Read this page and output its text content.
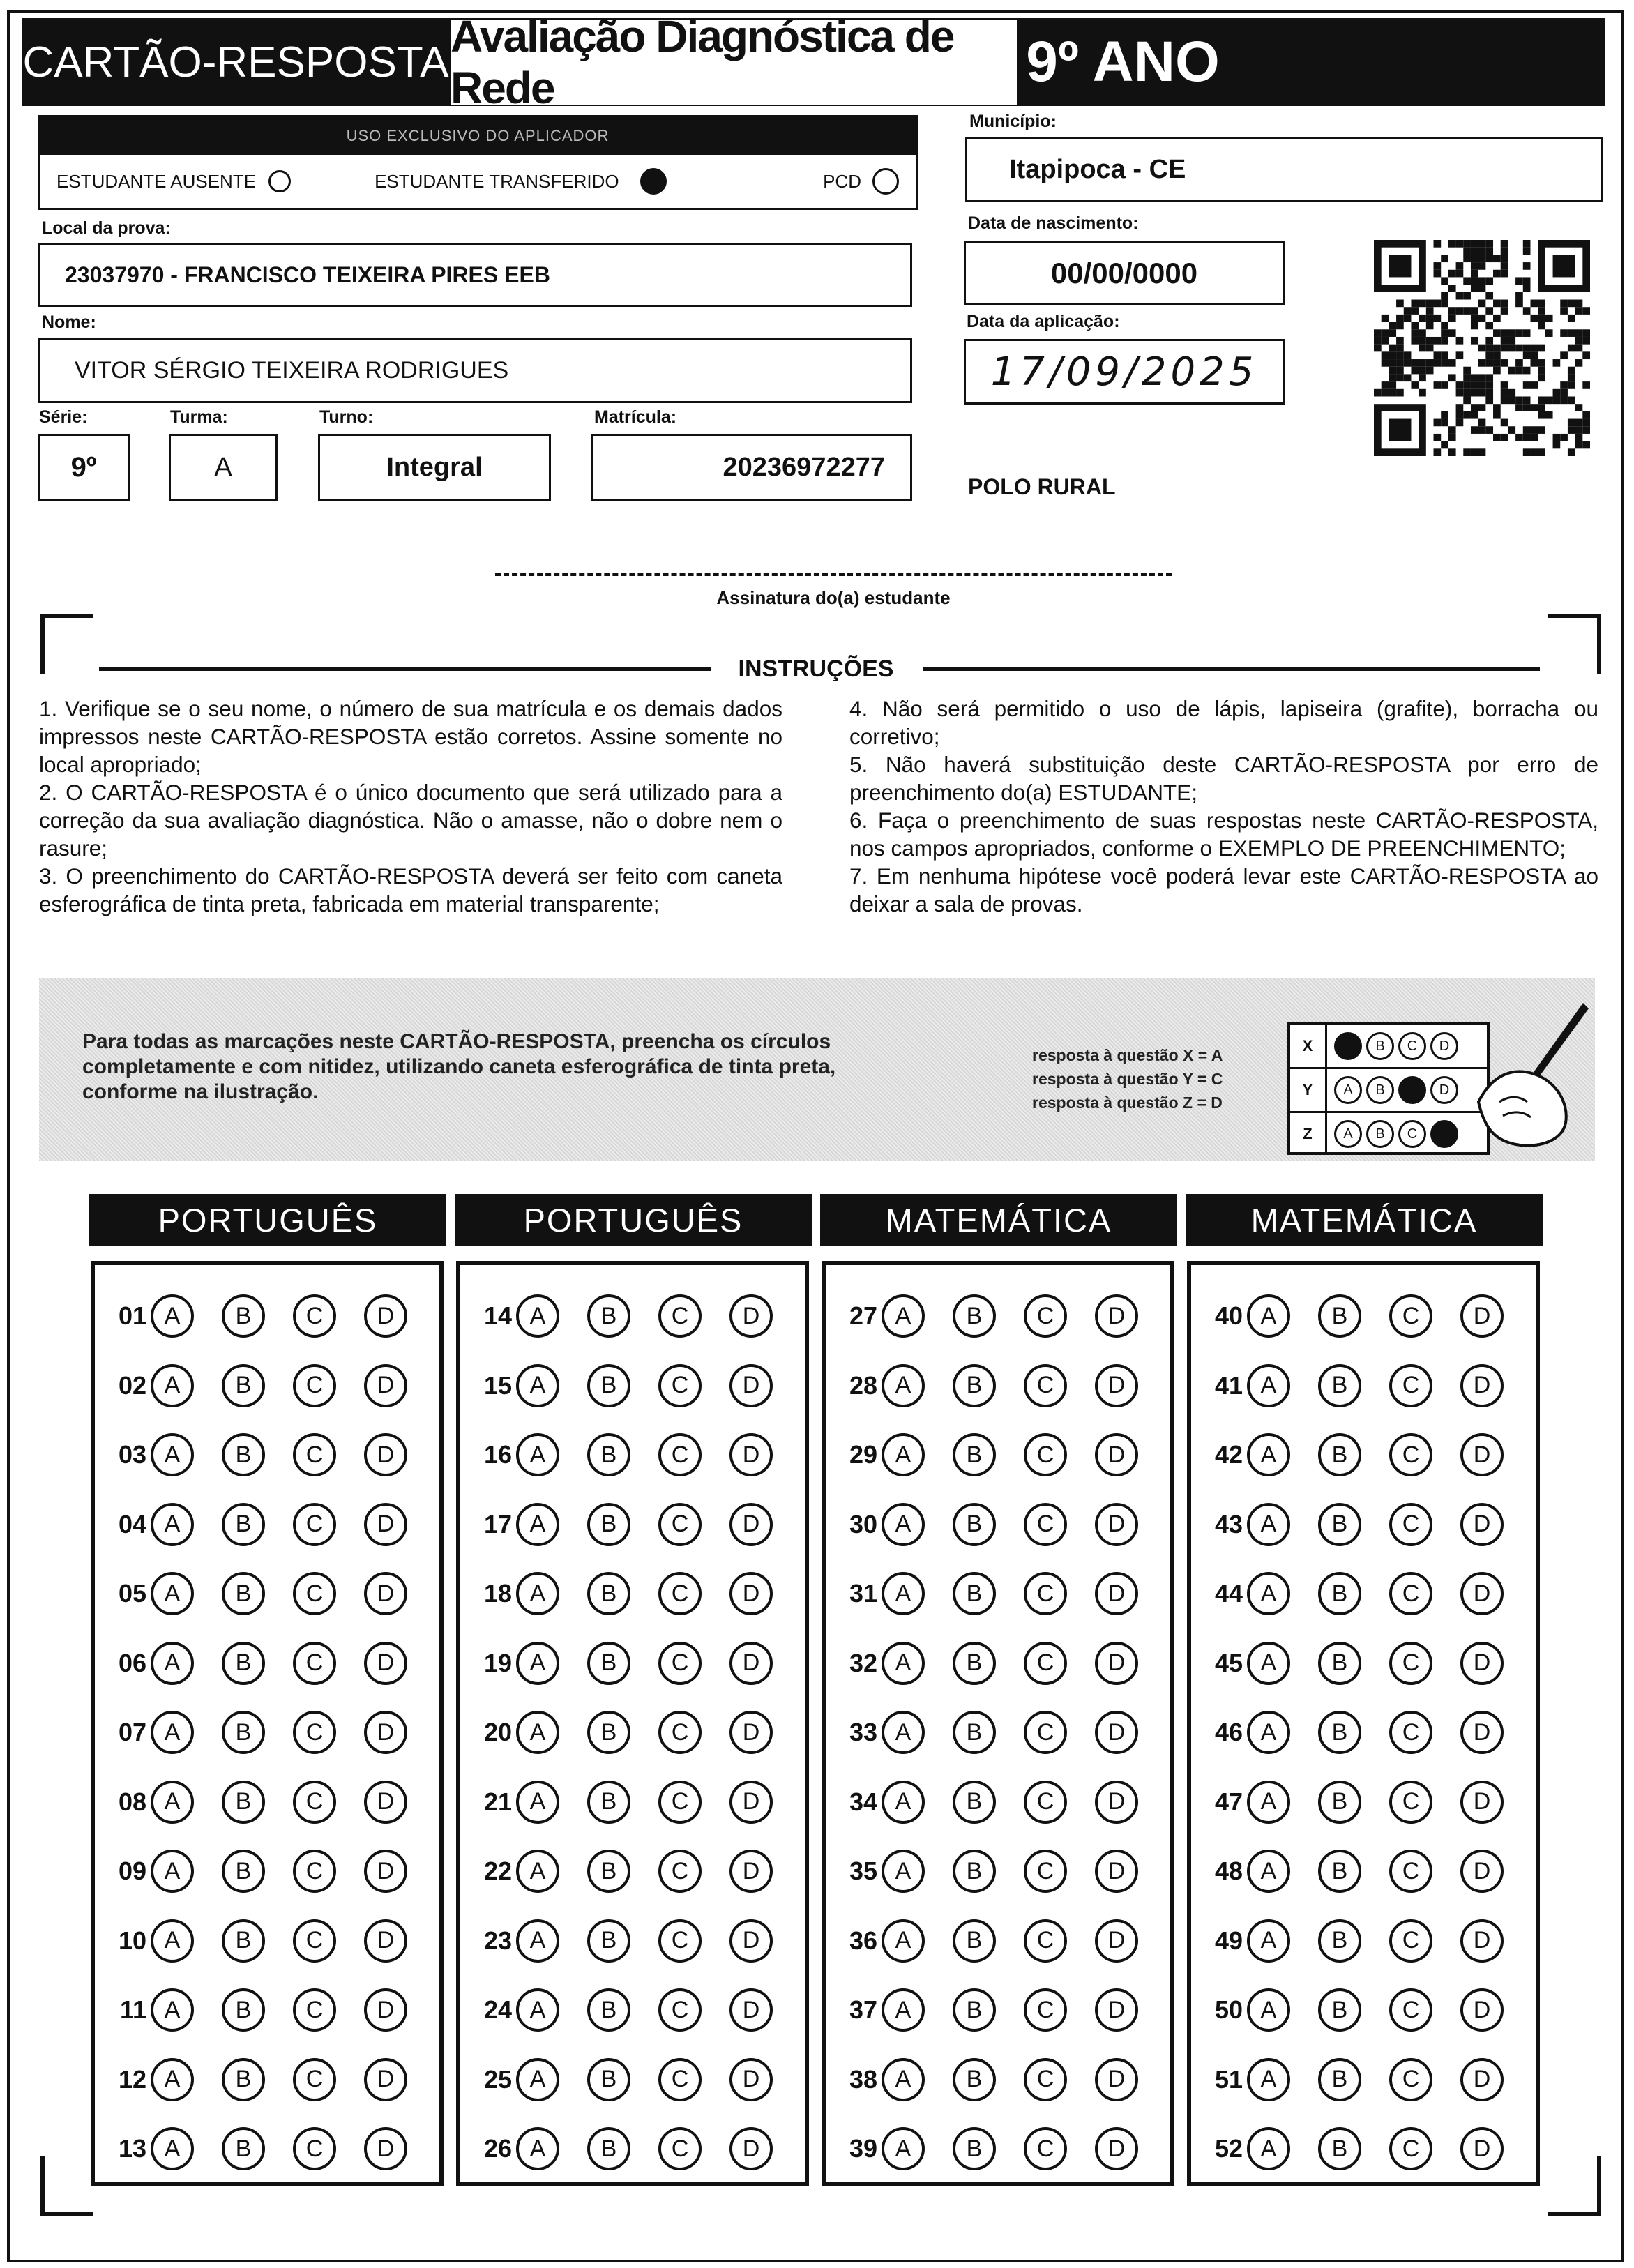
CARTÃO-RESPOSTA
Avaliação Diagnóstica de Rede	9º ANO
USO EXCLUSIVO DO APLICADOR
ESTUDANTE AUSENTE	ESTUDANTE TRANSFERIDO	PCD
Município:
Itapipoca - CE
Local da prova:
23037970 - FRANCISCO TEIXEIRA PIRES EEB
Data de nascimento:
00/00/0000
Nome:
VITOR SÉRGIO TEIXEIRA RODRIGUES
Data da aplicação:
17/09/2025
Série:
9º
Turma:
A
Turno:
Integral
Matrícula:
20236972277
POLO RURAL
Assinatura do(a) estudante
INSTRUÇÕES

1. Verifique se o seu nome, o número de sua matrícula e os demais dados impressos neste CARTÃO-RESPOSTA estão corretos. Assine somente no local apropriado;

2. O CARTÃO-RESPOSTA é o único documento que será utilizado para a correção da sua avaliação diagnóstica. Não o amasse, não o dobre nem o rasure;

3. O preenchimento do CARTÃO-RESPOSTA deverá ser feito com caneta esferográfica de tinta preta, fabricada em material transparente;

4. Não será permitido o uso de lápis, lapiseira (grafite), borracha ou corretivo;

5. Não haverá substituição deste CARTÃO-RESPOSTA por erro de preenchimento do(a) ESTUDANTE;

6. Faça o preenchimento de suas respostas neste CARTÃO-RESPOSTA, nos campos apropriados, conforme o EXEMPLO DE PREENCHIMENTO;

7. Em nenhuma hipótese você poderá levar este CARTÃO-RESPOSTA ao deixar a sala de provas.

Para todas as marcações neste CARTÃO-RESPOSTA, preencha os círculos completamente e com nitidez, utilizando caneta esferográfica de tinta preta, conforme na ilustração.
resposta à questão X = A
resposta à questão Y = C
resposta à questão Z = D
X	B	C	D
Y	A	B	D
Z	A	B	C
PORTUGUÊS
01 A	B	C	D
02 A	B	C	D
03 A	B	C	D
04 A	B	C	D
05 A	B	C	D
06 A	B	C	D
07 A	B	C	D
08 A	B	C	D
09 A	B	C	D
10 A	B	C	D
11 A	B	C	D
12 A	B	C	D
13 A	B	C	D
PORTUGUÊS
14 A	B	C	D
15 A	B	C	D
16 A	B	C	D
17 A	B	C	D
18 A	B	C	D
19 A	B	C	D
20 A	B	C	D
21 A	B	C	D
22 A	B	C	D
23 A	B	C	D
24 A	B	C	D
25 A	B	C	D
26 A	B	C	D
MATEMÁTICA
27 A	B	C	D
28 A	B	C	D
29 A	B	C	D
30 A	B	C	D
31 A	B	C	D
32 A	B	C	D
33 A	B	C	D
34 A	B	C	D
35 A	B	C	D
36 A	B	C	D
37 A	B	C	D
38 A	B	C	D
39 A	B	C	D
MATEMÁTICA
40 A	B	C	D
41 A	B	C	D
42 A	B	C	D
43 A	B	C	D
44 A	B	C	D
45 A	B	C	D
46 A	B	C	D
47 A	B	C	D
48 A	B	C	D
49 A	B	C	D
50 A	B	C	D
51 A	B	C	D
52 A	B	C	D
